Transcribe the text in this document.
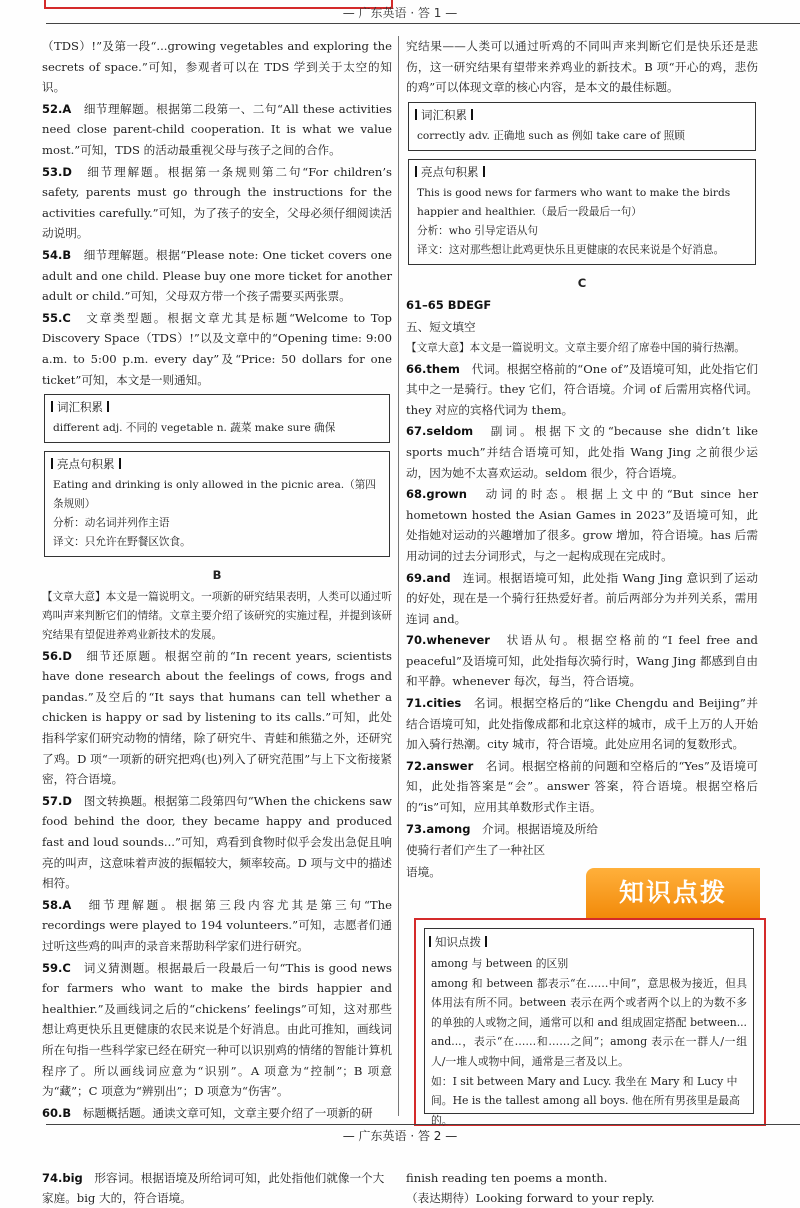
— 广东英语 · 答 1 —

（TDS）!”及第一段“...growing vegetables and exploring the secrets of space.”可知，参观者可以在 TDS 学到关于太空的知识。

52.A　 细节理解题。根据第二段第一、二句“All these activities need close parent-child cooperation. It is what we value most.”可知，TDS 的活动最重视父母与孩子之间的合作。

53.D　 细节理解题。根据第一条规则第二句“For children’s safety, parents must go through the instructions for the activities carefully.”可知，为了孩子的安全，父母必须仔细阅读活动说明。

54.B　 细节理解题。根据“Please note: One ticket covers one adult and one child. Please buy one more ticket for another adult or child.”可知，父母双方带一个孩子需要买两张票。

55.C　 文章类型题。根据文章尤其是标题“Welcome to Top Discovery Space（TDS）!”以及文章中的“Opening time: 9:00 a.m. to 5:00 p.m. every day”及“Price: 50 dollars for one ticket”可知，本文是一则通知。

词汇积累
different adj. 不同的 vegetable n. 蔬菜 make sure 确保
亮点句积累
Eating and drinking is only allowed in the picnic area.（第四条规则）
分析：动名词并列作主语
译文：只允许在野餐区饮食。
B

【文章大意】本文是一篇说明文。一项新的研究结果表明，人类可以通过听鸡叫声来判断它们的情绪。文章主要介绍了该研究的实施过程，并提到该研究结果有望促进养鸡业新技术的发展。

56.D　 细节还原题。根据空前的“In recent years, scientists have done research about the feelings of cows, frogs and pandas.”及空后的“It says that humans can tell whether a chicken is happy or sad by listening to its calls.”可知，此处指科学家们研究动物的情绪，除了研究牛、青蛙和熊猫之外，还研究了鸡。D 项“一项新的研究把鸡(也)列入了研究范围”与上下文衔接紧密，符合语境。

57.D　 图文转换题。根据第二段第四句“When the chickens saw food behind the door, they became happy and produced fast and loud sounds...”可知，鸡看到食物时似乎会发出急促且响亮的叫声，这意味着声波的振幅较大，频率较高。D 项与文中的描述相符。

58.A　 细节理解题。根据第三段内容尤其是第三句“The recordings were played to 194 volunteers.”可知，志愿者们通过听这些鸡的叫声的录音来帮助科学家们进行研究。

59.C　 词义猜测题。根据最后一段最后一句“This is good news for farmers who want to make the birds happier and healthier.”及画线词之后的“chickens’ feelings”可知，这对那些想让鸡更快乐且更健康的农民来说是个好消息。由此可推知，画线词所在句指一些科学家已经在研究一种可以识别鸡的情绪的智能计算机程序了。所以画线词应意为“识别”。A 项意为“控制”；B 项意为“藏”；C 项意为“辨别出”；D 项意为“伤害”。

60.B　 标题概括题。通读文章可知，文章主要介绍了一项新的研

究结果——人类可以通过听鸡的不同叫声来判断它们是快乐还是悲伤，这一研究结果有望带来养鸡业的新技术。B 项“开心的鸡，悲伤的鸡”可以体现文章的核心内容，是本文的最佳标题。

词汇积累
correctly adv. 正确地 such as 例如 take care of 照顾
亮点句积累
This is good news for farmers who want to make the birds happier and healthier.（最后一段最后一句）
分析：who 引导定语从句
译文：这对那些想让此鸡更快乐且更健康的农民来说是个好消息。
C

61–65 BDEGF

五、短文填空

【文章大意】本文是一篇说明文。文章主要介绍了席卷中国的骑行热潮。

66.them　 代词。根据空格前的“One of”及语境可知，此处指它们其中之一是骑行。they 它们，符合语境。介词 of 后需用宾格代词。they 对应的宾格代词为 them。

67.seldom　 副词。根据下文的“because she didn’t like sports much”并结合语境可知，此处指 Wang Jing 之前很少运动，因为她不太喜欢运动。seldom 很少，符合语境。

68.grown　 动词的时态。根据上文中的“But since her hometown hosted the Asian Games in 2023”及语境可知，此处指她对运动的兴趣增加了很多。grow 增加，符合语境。has 后需用动词的过去分词形式，与之一起构成现在完成时。

69.and　 连词。根据语境可知，此处指 Wang Jing 意识到了运动的好处，现在是一个骑行狂热爱好者。前后两部分为并列关系，需用连词 and。

70.whenever　 状语从句。根据空格前的“I feel free and peaceful”及语境可知，此处指每次骑行时，Wang Jing 都感到自由和平静。whenever 每次，每当，符合语境。

71.cities　 名词。根据空格后的“like Chengdu and Beijing”并结合语境可知，此处指像成都和北京这样的城市，成千上万的人开始加入骑行热潮。city 城市，符合语境。此处应用名词的复数形式。

72.answer　 名词。根据空格前的问题和空格后的“Yes”及语境可知，此处指答案是“会”。answer 答案，符合语境。根据空格后的“is”可知，应用其单数形式作主语。

73.among　 介词。根据语境及所给

使骑行者们产生了一种社区

语境。

知识点拨
知识点拨
among 与 between 的区别
among 和 between 都表示“在……中间”，意思极为接近，但具体用法有所不同。between 表示在两个或者两个以上的为数不多的单独的人或物之间，通常可以和 and 组成固定搭配 between... and...，表示“在……和……之间”；among 表示在一群人/一组人/一堆人或物中间，通常是三者及以上。
如：I sit between Mary and Lucy. 我坐在 Mary 和 Lucy 中间。He is the tallest among all boys. 他在所有男孩里是最高的。
— 广东英语 · 答 2 —
74.big　 形容词。根据语境及所给词可知，此处指他们就像一个大家庭。big 大的，符合语境。
finish reading ten poems a month.
（表达期待）Looking forward to your reply.
